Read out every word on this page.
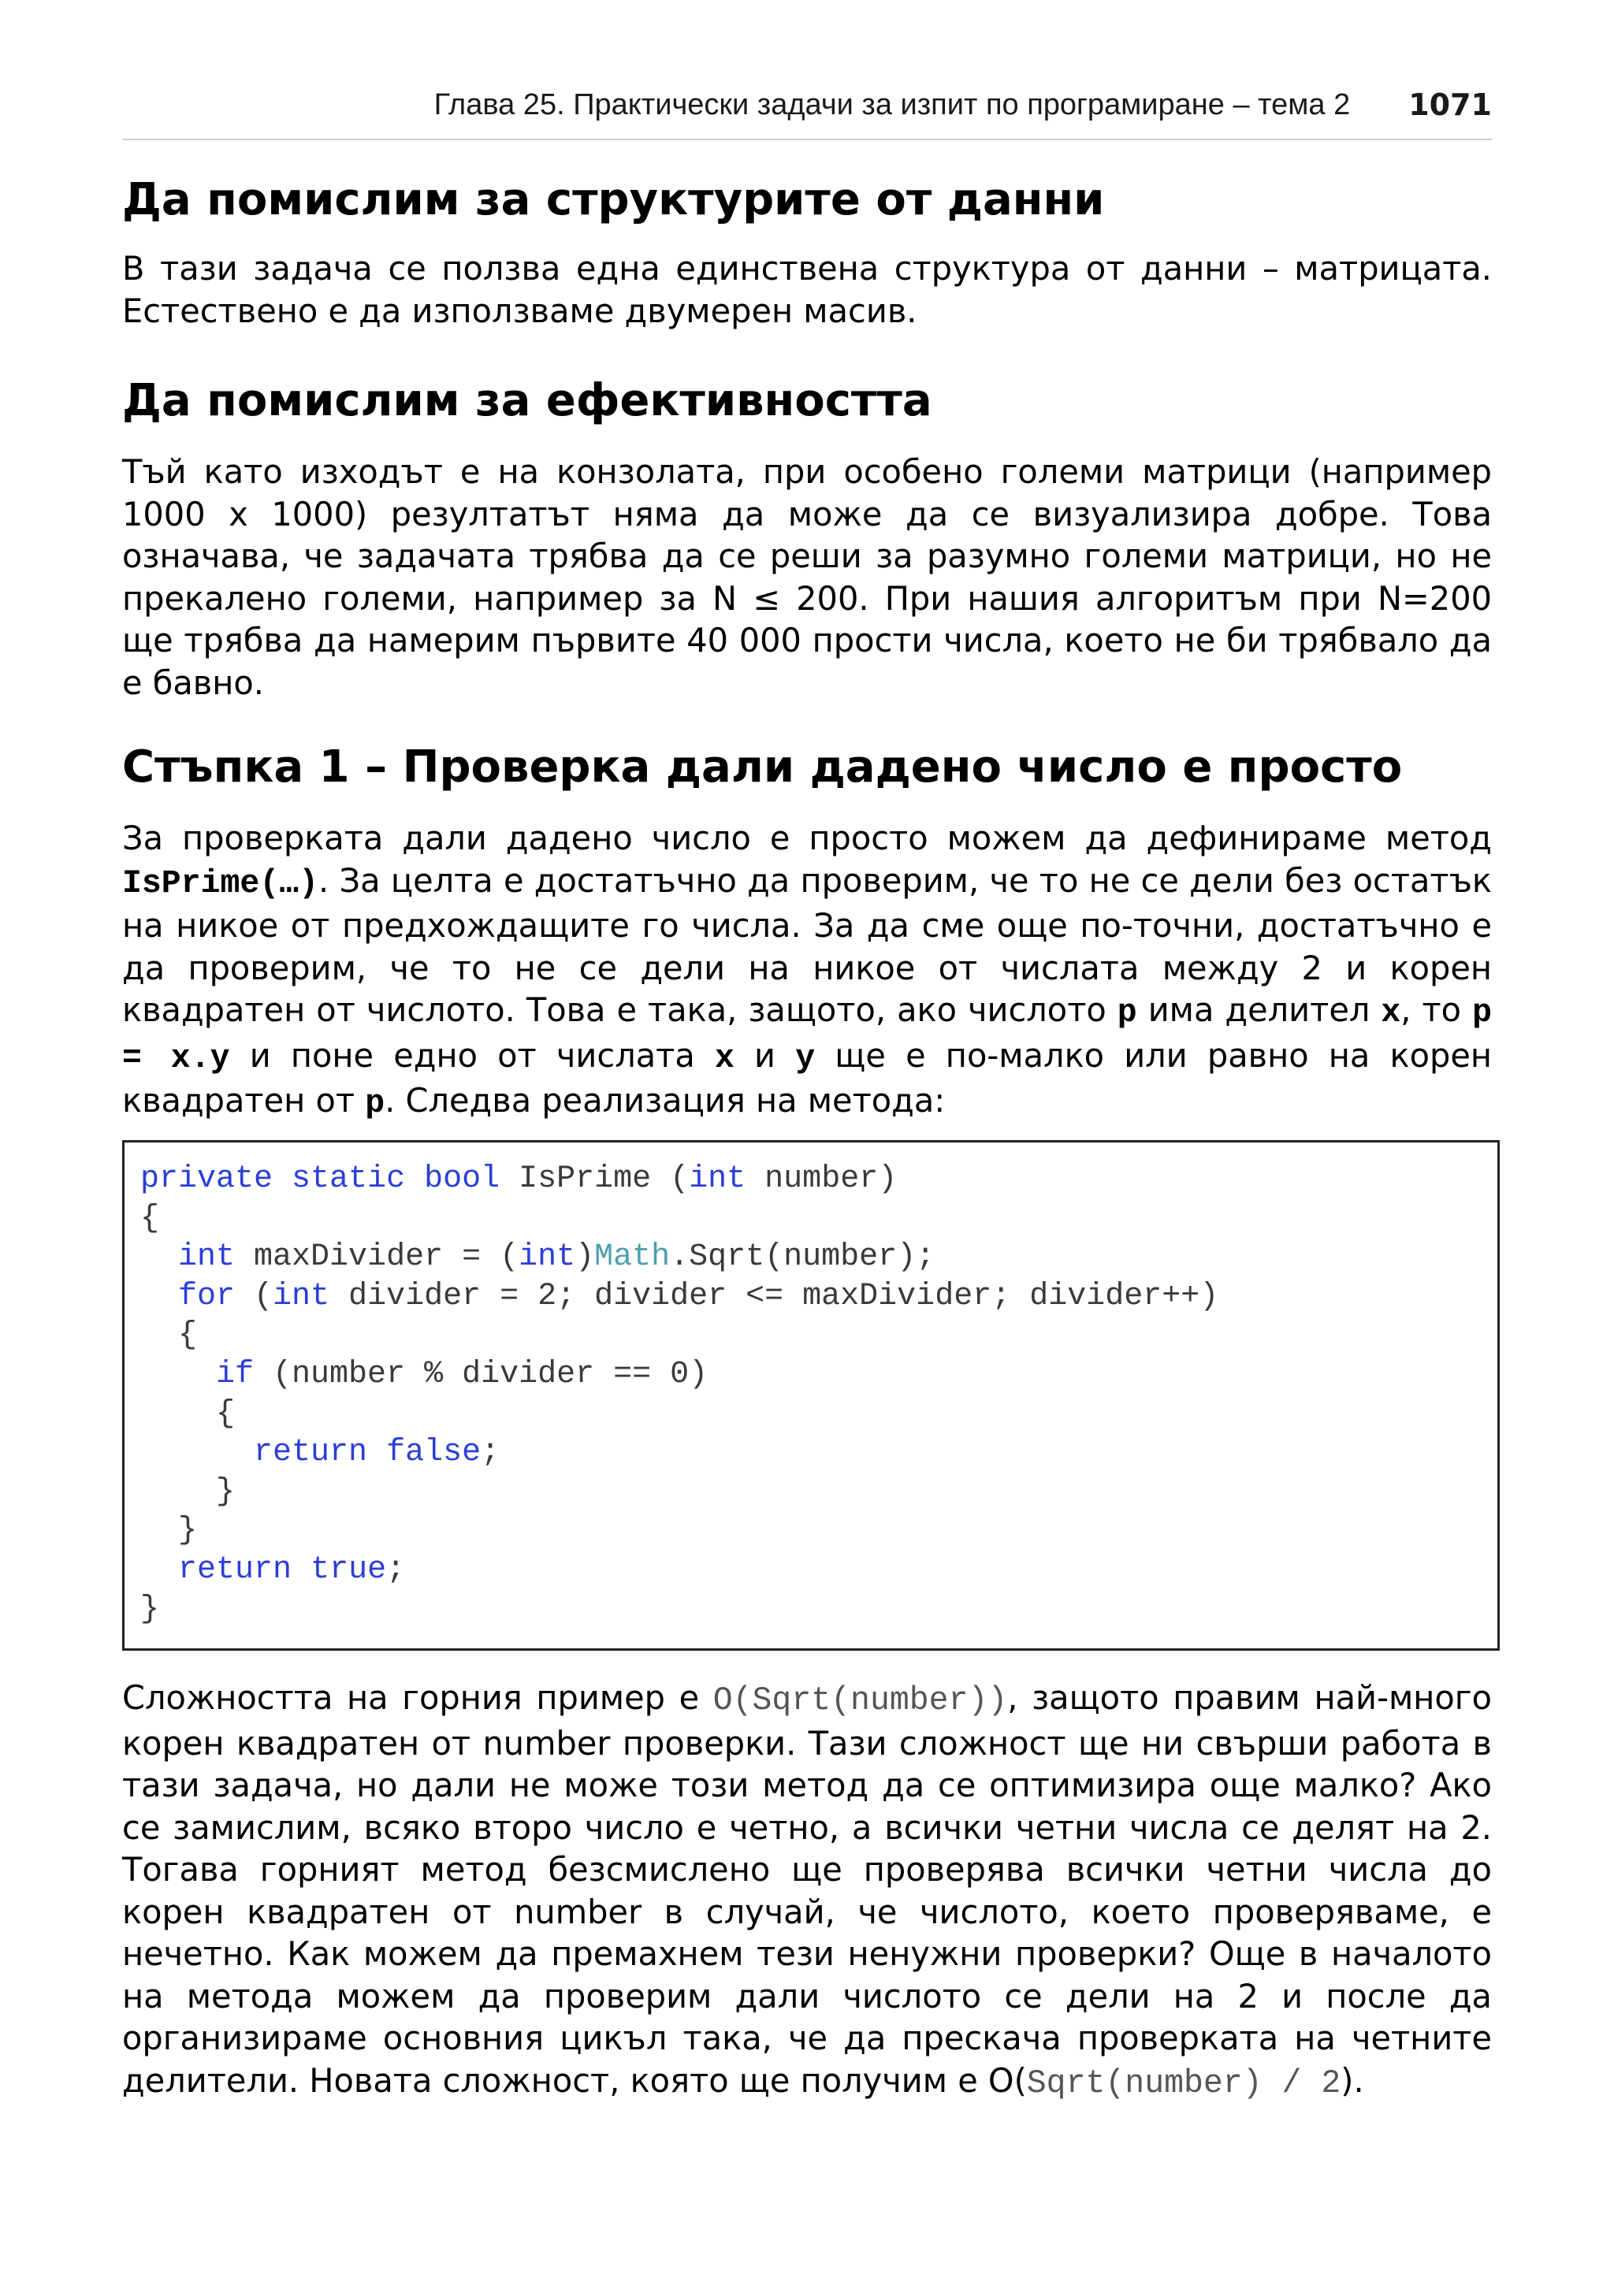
Глава 25. Практически задачи за изпит по програмиране – тема 2 1071
Да помислим за структурите от данни

В тази задача се ползва една единствена структура от данни – матрицата. Естествено е да използваме двумерен масив.

Да помислим за ефективността

Тъй като изходът е на конзолата, при особено големи матрици (например 1000 x 1000) резултатът няма да може да се визуализира добре. Това означава, че задачата трябва да се реши за разумно големи матрици, но не прекалено големи, например за N ≤ 200. При нашия алгоритъм при N=200 ще трябва да намерим първите 40 000 прости числа, което не би трябвало да е бавно.

Стъпка 1 – Проверка дали дадено число е просто

За проверката дали дадено число е просто можем да дефинираме метод IsPrime(…). За целта е достатъчно да проверим, че то не се дели без остатък на никое от предхождащите го числа. За да сме още по-точни, достатъчно е да проверим, че то не се дели на никое от числата между 2 и корен квадратен от числото. Това е така, защото, ако числото p има делител x, то p = x.y и поне едно от числата x и y ще е по-малко или равно на корен квадратен от p. Следва реализация на метода:

private static bool IsPrime (int number)
{
int maxDivider = (int)Math.Sqrt(number);
for (int divider = 2; divider <= maxDivider; divider++)
{
if (number % divider == 0)
{
return false;
}
}
return true;
}

Сложността на горния пример е O(Sqrt(number)), защото правим най-много корен квадратен от number проверки. Тази сложност ще ни свърши работа в тази задача, но дали не може този метод да се оптимизира още малко? Ако се замислим, всяко второ число е четно, а всички четни числа се делят на 2. Тогава горният метод безсмислено ще проверява всички четни числа до корен квадратен от number в случай, че числото, което проверяваме, е нечетно. Как можем да премахнем тези ненужни проверки? Още в началото на метода можем да проверим дали числото се дели на 2 и после да организираме основния цикъл така, че да прескача проверката на четните делители. Новата сложност, която ще получим е O(Sqrt(number) / 2).
